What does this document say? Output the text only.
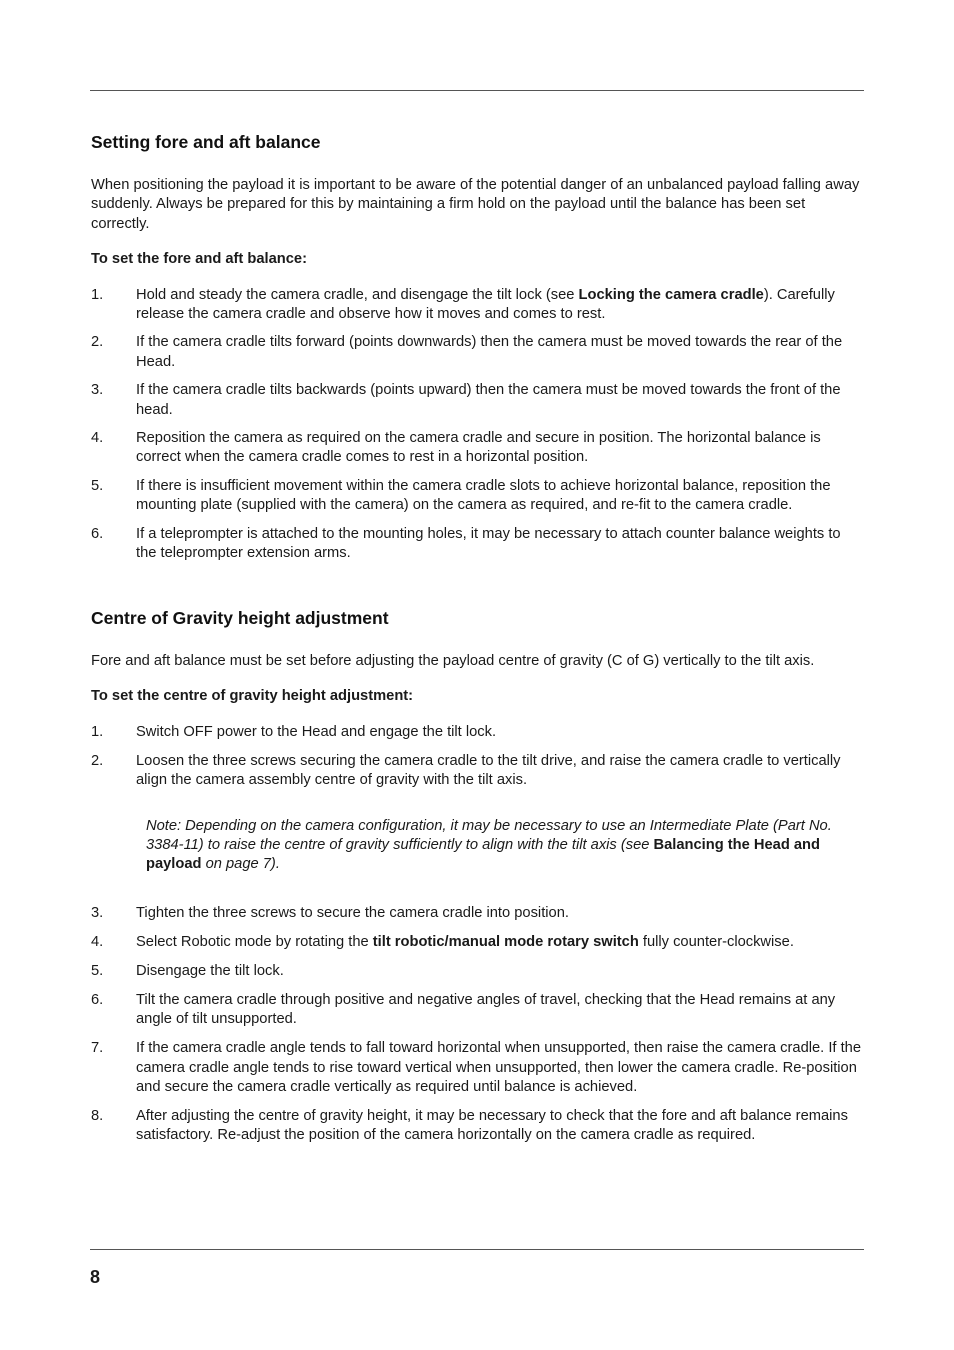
Setting fore and aft balance

When positioning the payload it is important to be aware of the potential danger of an unbalanced payload falling away suddenly. Always be prepared for this by maintaining a firm hold on the payload until the balance has been set correctly.

To set the fore and aft balance:

1. Hold and steady the camera cradle, and disengage the tilt lock (see Locking the camera cradle). Carefully release the camera cradle and observe how it moves and comes to rest.
2. If the camera cradle tilts forward (points downwards) then the camera must be moved towards the rear of the Head.
3. If the camera cradle tilts backwards (points upward) then the camera must be moved towards the front of the head.
4. Reposition the camera as required on the camera cradle and secure in position. The horizontal balance is correct when the camera cradle comes to rest in a horizontal position.
5. If there is insufficient movement within the camera cradle slots to achieve horizontal balance, reposition the mounting plate (supplied with the camera) on the camera as required, and re-fit to the camera cradle.
6. If a teleprompter is attached to the mounting holes, it may be necessary to attach counter balance weights to the teleprompter extension arms.
Centre of Gravity height adjustment

Fore and aft balance must be set before adjusting the payload centre of gravity (C of G) vertically to the tilt axis.

To set the centre of gravity height adjustment:

1. Switch OFF power to the Head and engage the tilt lock.
2. Loosen the three screws securing the camera cradle to the tilt drive, and raise the camera cradle to vertically align the camera assembly centre of gravity with the tilt axis.

Note: Depending on the camera configuration, it may be necessary to use an Intermediate Plate (Part No. 3384-11) to raise the centre of gravity sufficiently to align with the tilt axis (see Balancing the Head and payload on page 7).

3. Tighten the three screws to secure the camera cradle into position.
4. Select Robotic mode by rotating the tilt robotic/manual mode rotary switch fully counter-clockwise.
5. Disengage the tilt lock.
6. Tilt the camera cradle through positive and negative angles of travel, checking that the Head remains at any angle of tilt unsupported.
7. If the camera cradle angle tends to fall toward horizontal when unsupported, then raise the camera cradle. If the camera cradle angle tends to rise toward vertical when unsupported, then lower the camera cradle. Re-position and secure the camera cradle vertically as required until balance is achieved.
8. After adjusting the centre of gravity height, it may be necessary to check that the fore and aft balance remains satisfactory. Re-adjust the position of the camera horizontally on the camera cradle as required.
8
